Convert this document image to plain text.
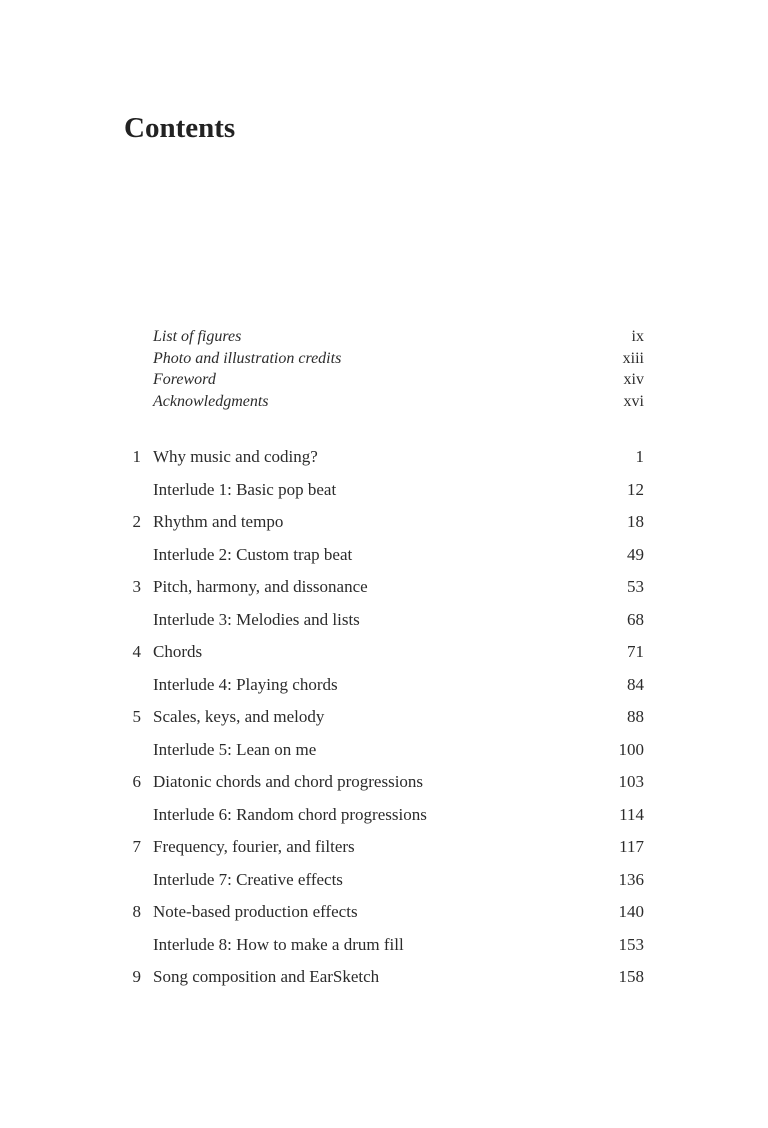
Contents
List of figures	ix
Photo and illustration credits	xiii
Foreword	xiv
Acknowledgments	xvi
1 Why music and coding?	1
Interlude 1: Basic pop beat	12
2 Rhythm and tempo	18
Interlude 2: Custom trap beat	49
3 Pitch, harmony, and dissonance	53
Interlude 3: Melodies and lists	68
4 Chords	71
Interlude 4: Playing chords	84
5 Scales, keys, and melody	88
Interlude 5: Lean on me	100
6 Diatonic chords and chord progressions	103
Interlude 6: Random chord progressions	114
7 Frequency, fourier, and filters	117
Interlude 7: Creative effects	136
8 Note-based production effects	140
Interlude 8: How to make a drum fill	153
9 Song composition and EarSketch	158
